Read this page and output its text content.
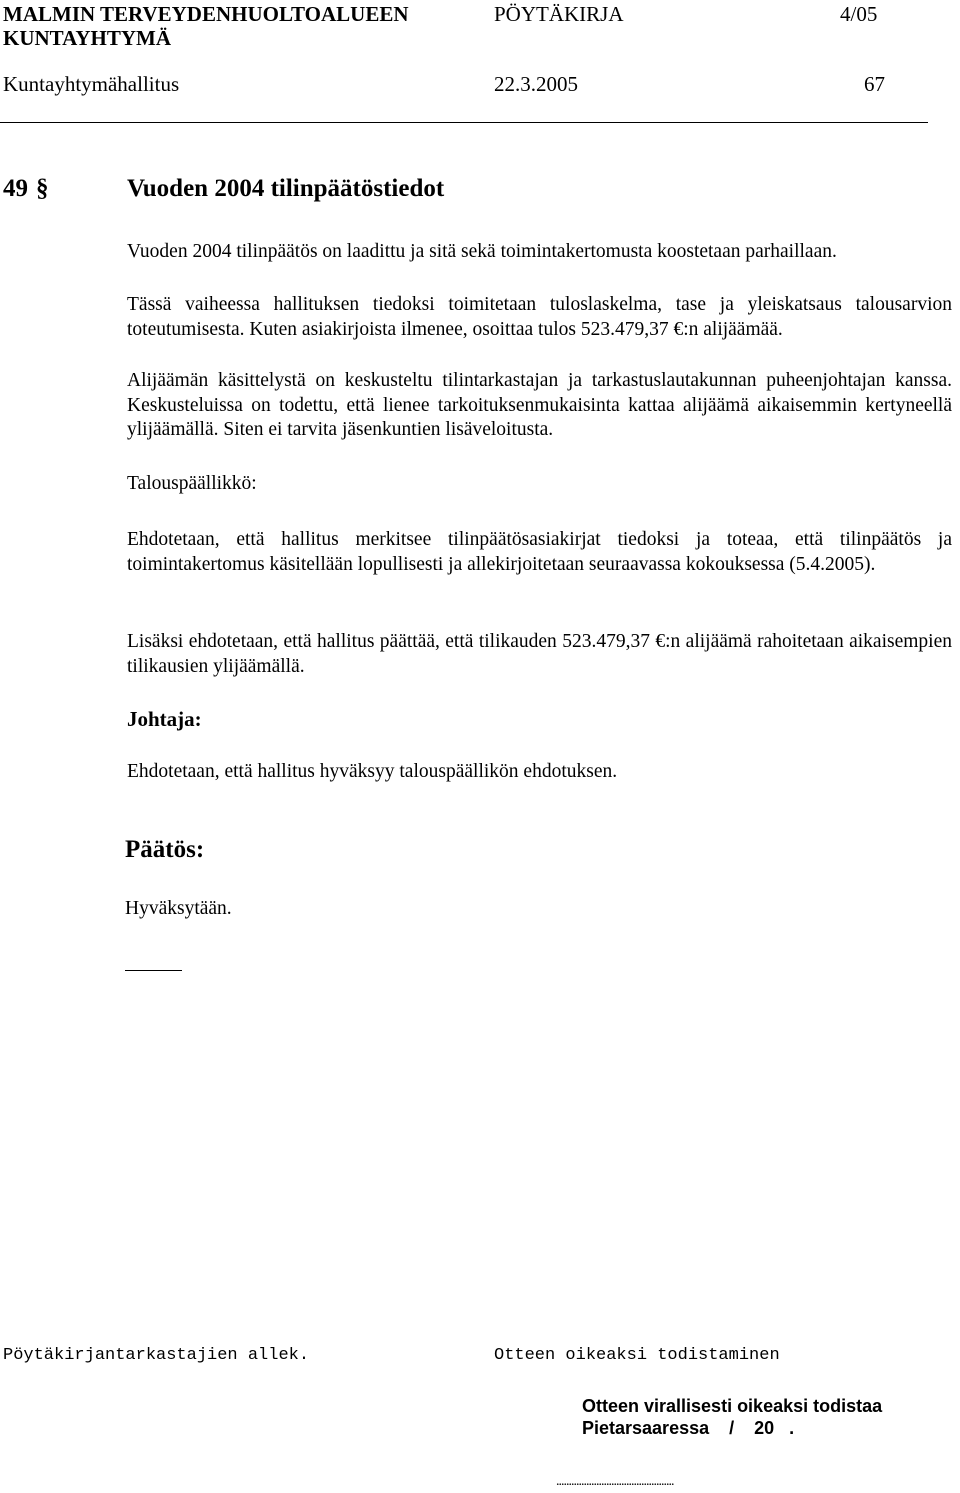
MALMIN TERVEYDENHUOLTOALUEEN
KUNTAYHTYMÄ
PÖYTÄKIRJA	4/05
Kuntayhtymähallitus	22.3.2005	67
49 §	Vuoden 2004 tilinpäätöstiedot
Vuoden 2004 tilinpäätös on laadittu ja sitä sekä toimintakertomusta koostetaan parhaillaan.
Tässä vaiheessa hallituksen tiedoksi toimitetaan tuloslaskelma, tase ja yleiskatsaus talousarvion toteutumisesta. Kuten asiakirjoista ilmenee, osoittaa tulos 523.479,37 €:n alijäämää.
Alijäämän käsittelystä on keskusteltu tilintarkastajan ja tarkastuslautakunnan puheenjohtajan kanssa. Keskusteluissa on todettu, että lienee tarkoituksenmukaisinta kattaa alijäämä aikaisemmin kertyneellä ylijäämällä. Siten ei tarvita jäsenkuntien lisäveloitusta.
Talouspäällikkö:
Ehdotetaan, että hallitus merkitsee tilinpäätösasiakirjat tiedoksi ja toteaa, että tilinpäätös ja toimintakertomus käsitellään lopullisesti ja allekirjoitetaan seuraavassa kokouksessa (5.4.2005).
Lisäksi ehdotetaan, että hallitus päättää, että tilikauden 523.479,37 €:n alijäämä rahoitetaan aikaisempien tilikausien ylijäämällä.
Johtaja:
Ehdotetaan, että hallitus hyväksyy talouspäällikön ehdotuksen.
Päätös:
Hyväksytään.
Pöytäkirjantarkastajien allek.	Otteen oikeaksi todistaminen
Otteen virallisesti oikeaksi todistaa
Pietarsaaressa    /    20   .
...............................................
